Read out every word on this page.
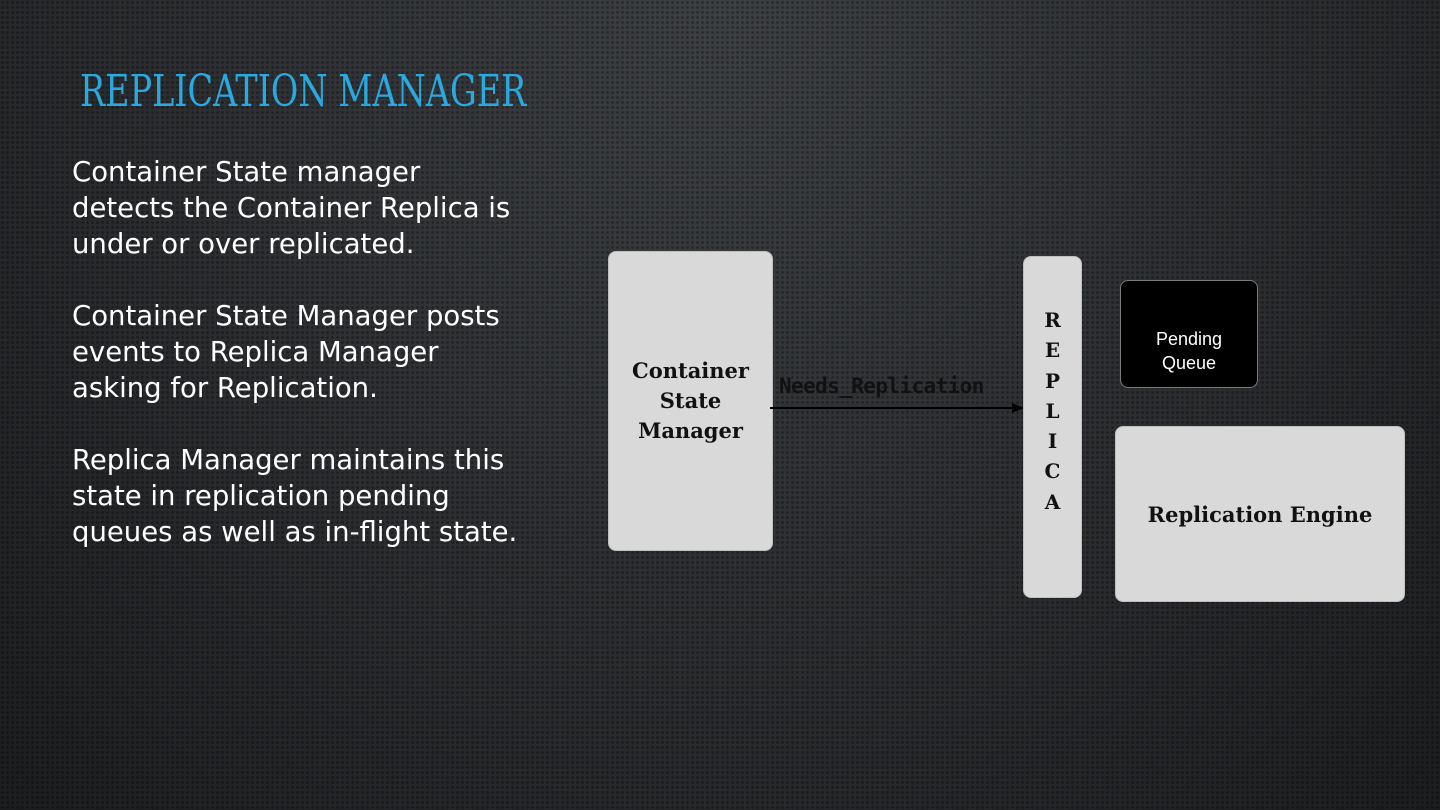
REPLICATION MANAGER

Container State manager
detects the Container Replica is
under or over replicated.

Container State Manager posts
events to Replica Manager
asking for Replication.

Replica Manager maintains this
state in replication pending
queues as well as in-flight state.

Container
State
Manager
Needs_Replication
REPLICA

Pending
Queue

Replication Engine
